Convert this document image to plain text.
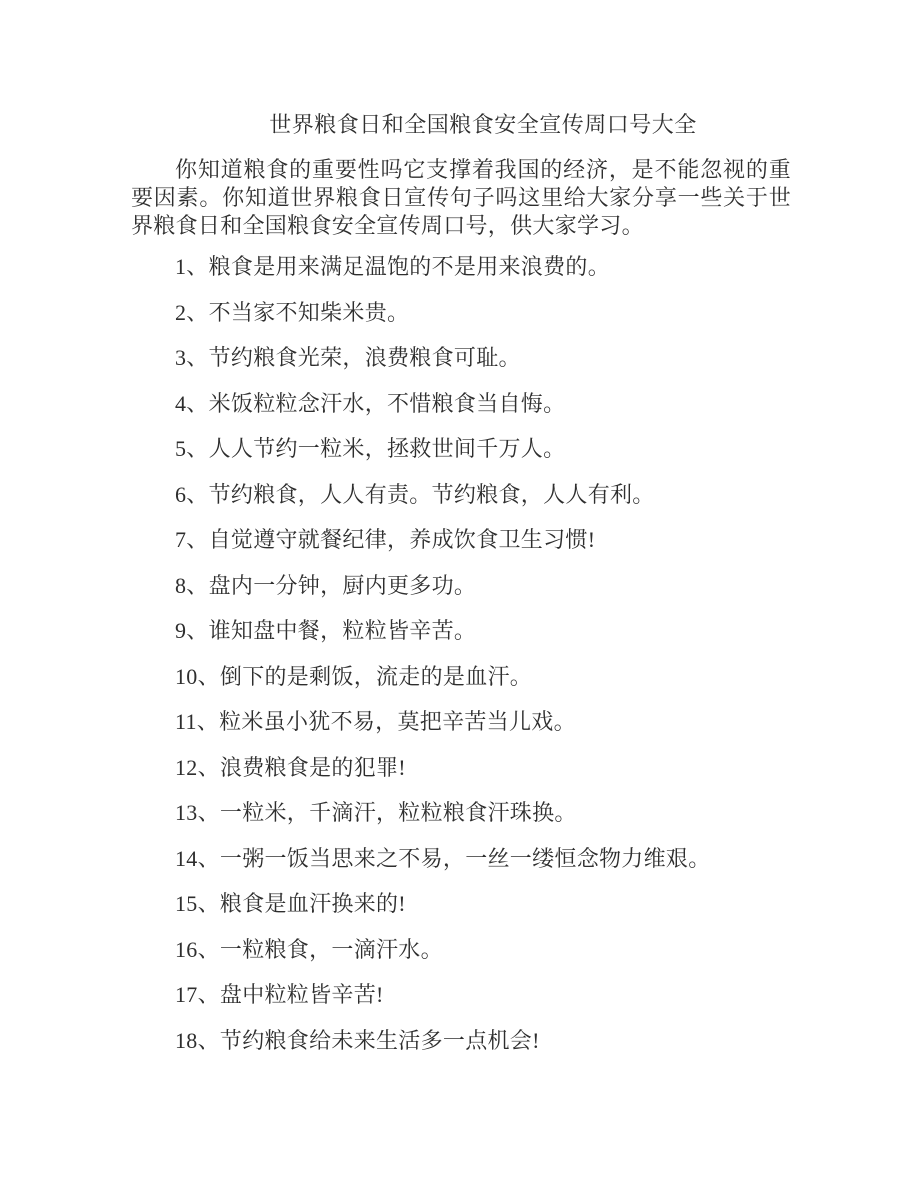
世界粮食日和全国粮食安全宣传周口号大全

你知道粮食的重要性吗它支撑着我国的经济，是不能忽视的重要因素。你知道世界粮食日宣传句子吗这里给大家分享一些关于世界粮食日和全国粮食安全宣传周口号，供大家学习。

1、粮食是用来满足温饱的不是用来浪费的。
2、不当家不知柴米贵。
3、节约粮食光荣，浪费粮食可耻。
4、米饭粒粒念汗水，不惜粮食当自悔。
5、人人节约一粒米，拯救世间千万人。
6、节约粮食，人人有责。节约粮食，人人有利。
7、自觉遵守就餐纪律，养成饮食卫生习惯!
8、盘内一分钟，厨内更多功。
9、谁知盘中餐，粒粒皆辛苦。
10、倒下的是剩饭，流走的是血汗。
11、粒米虽小犹不易，莫把辛苦当儿戏。
12、浪费粮食是的犯罪!
13、一粒米，千滴汗，粒粒粮食汗珠换。
14、一粥一饭当思来之不易，一丝一缕恒念物力维艰。
15、粮食是血汗换来的!
16、一粒粮食，一滴汗水。
17、盘中粒粒皆辛苦!
18、节约粮食给未来生活多一点机会!
